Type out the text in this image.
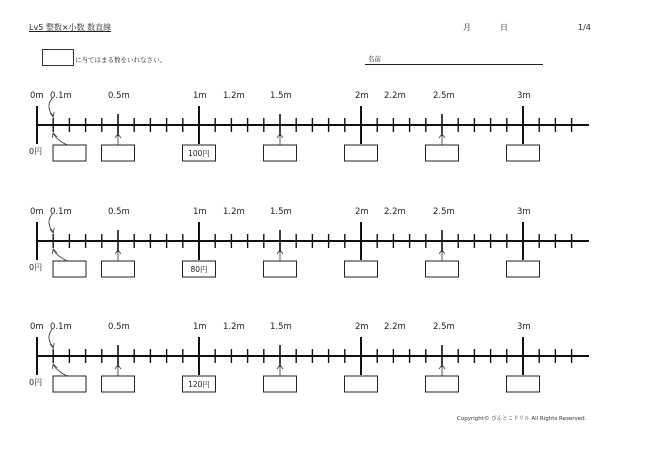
Lv5 整数×小数 数直線	月	日	1/4
に当てはまる数をいれなさい。	名前
0m 0.1m	0.5m	1m 1.2m	1.5m	2m 2.2m	2.5m	3m
0円	100円
0m 0.1m	0.5m	1m 1.2m	1.5m	2m 2.2m	2.5m	3m
0円	80円
0m 0.1m	0.5m	1m 1.2m	1.5m	2m 2.2m	2.5m	3m
0円	120円
Copyright© ぴんとこドリル All Rights Reserved.
